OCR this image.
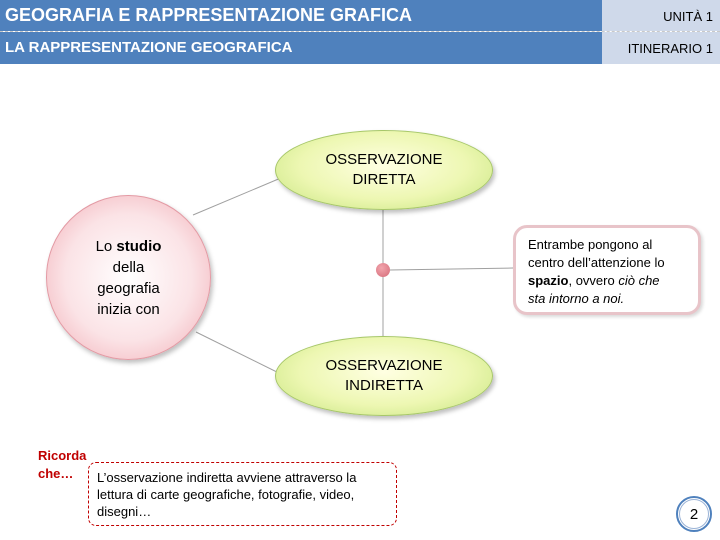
GEOGRAFIA E RAPPRESENTAZIONE GRAFICA
LA RAPPRESENTAZIONE GEOGRAFICA
UNITÀ 1
ITINERARIO 1
OSSERVAZIONE DIRETTA
OSSERVAZIONE INDIRETTA
Lo studio
della
geografia
inizia con
Entrambe pongono al
centro dell’attenzione lo
spazio, ovvero ciò che
sta intorno a noi.
Ricorda
che…	L’osservazione indiretta avviene attraverso la lettura di carte geografiche, fotografie, video, disegni…	2
